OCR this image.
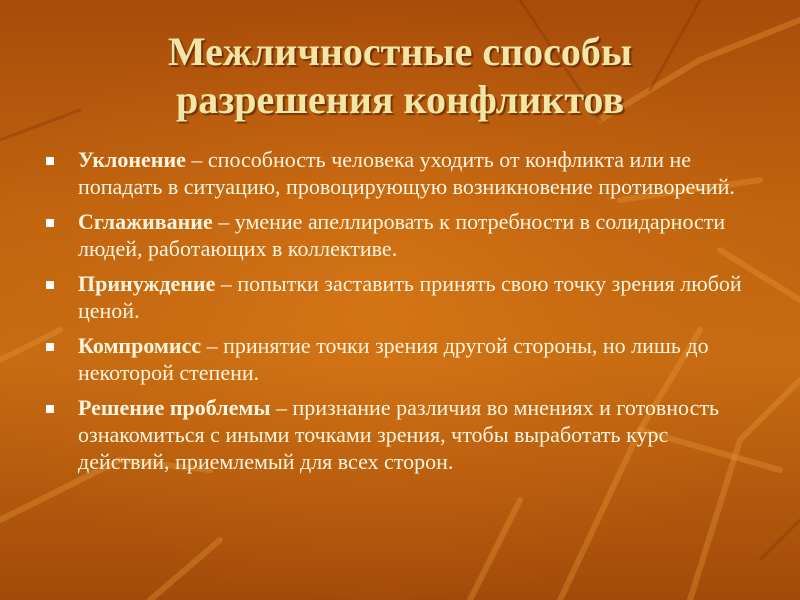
Межличностные способы
разрешения конфликтов
Уклонение – способность человека уходить от конфликта или не попадать в ситуацию, провоцирующую возникновение противоречий.
Сглаживание – умение апеллировать к потребности в солидарности людей, работающих в коллективе.
Принуждение – попытки заставить принять свою точку зрения любой ценой.
Компромисс – принятие точки зрения другой стороны, но лишь до некоторой степени.
Решение проблемы – признание различия во мнениях и готовность ознакомиться с иными точками зрения, чтобы выработать курс действий, приемлемый для всех сторон.
